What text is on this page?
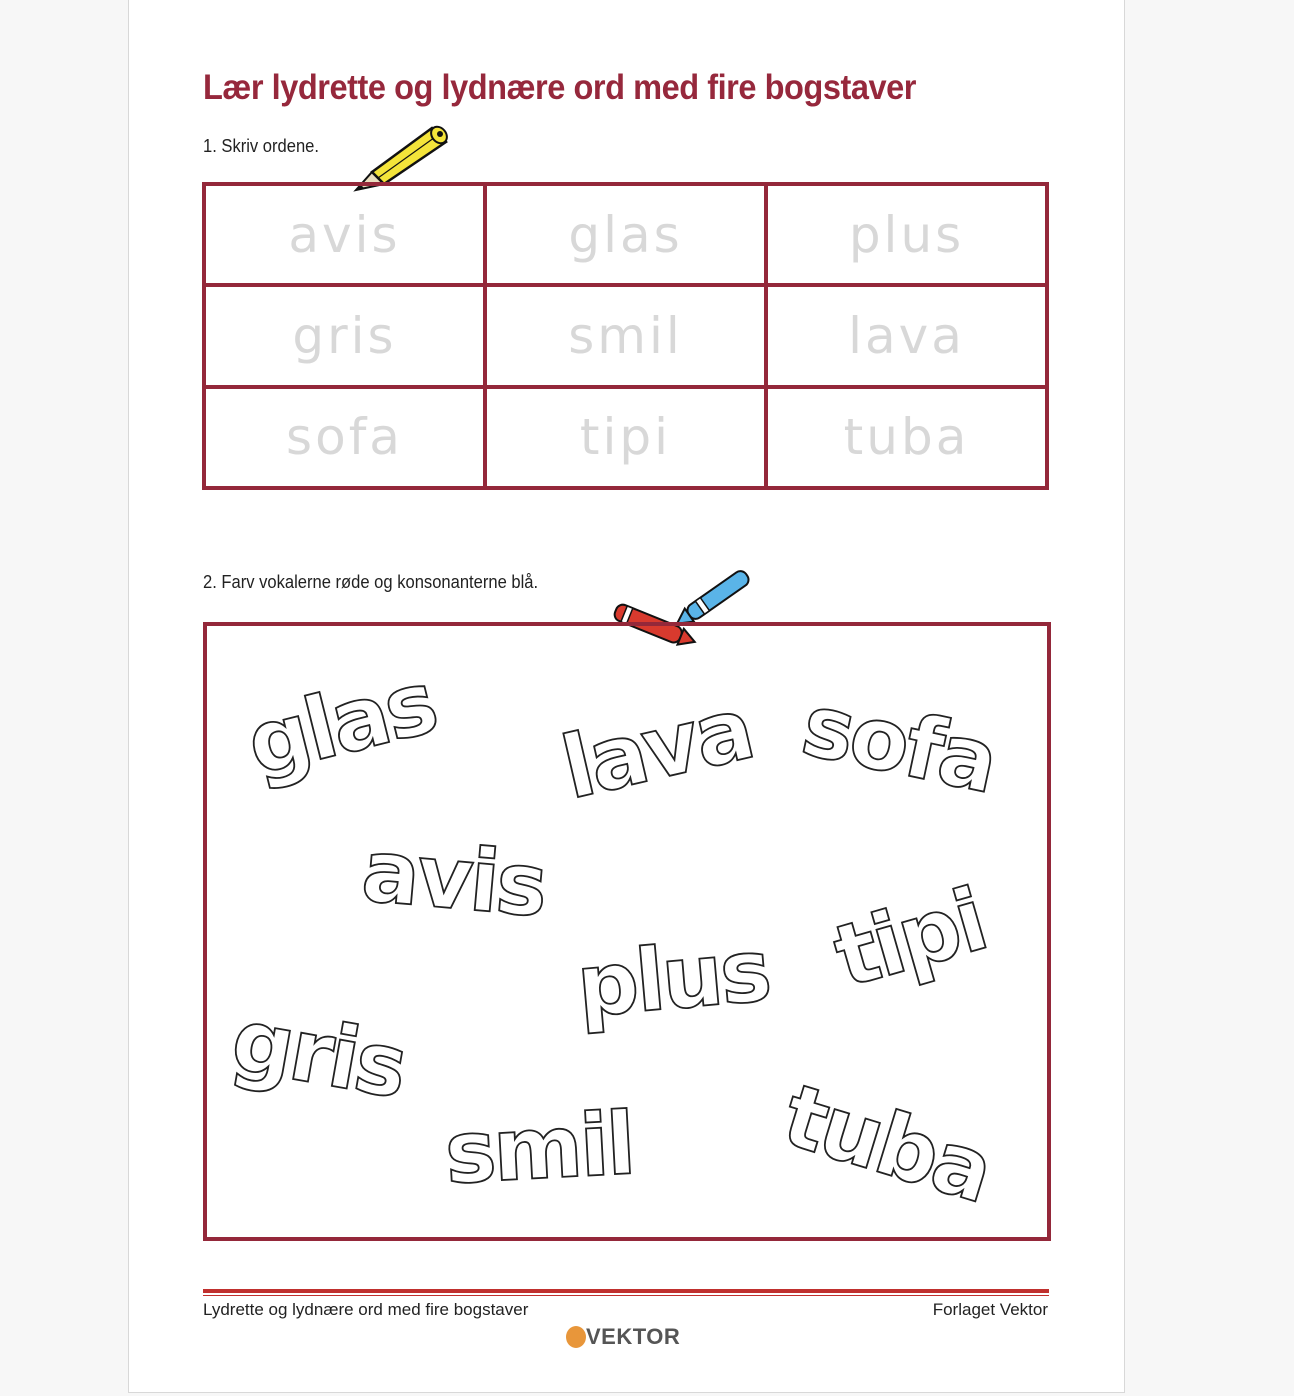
Lær lydrette og lydnære ord med fire bogstaver
1. Skriv ordene.
avis	glas	plus
gris	smil	lava
sofa	tipi	tuba
2. Farv vokalerne røde og konsonanterne blå.
glas lava sofa
avis
plus tipi
gris
smil tuba
Lydrette og lydnære ord med fire bogstaver	Forlaget Vektor
VEKTOR
